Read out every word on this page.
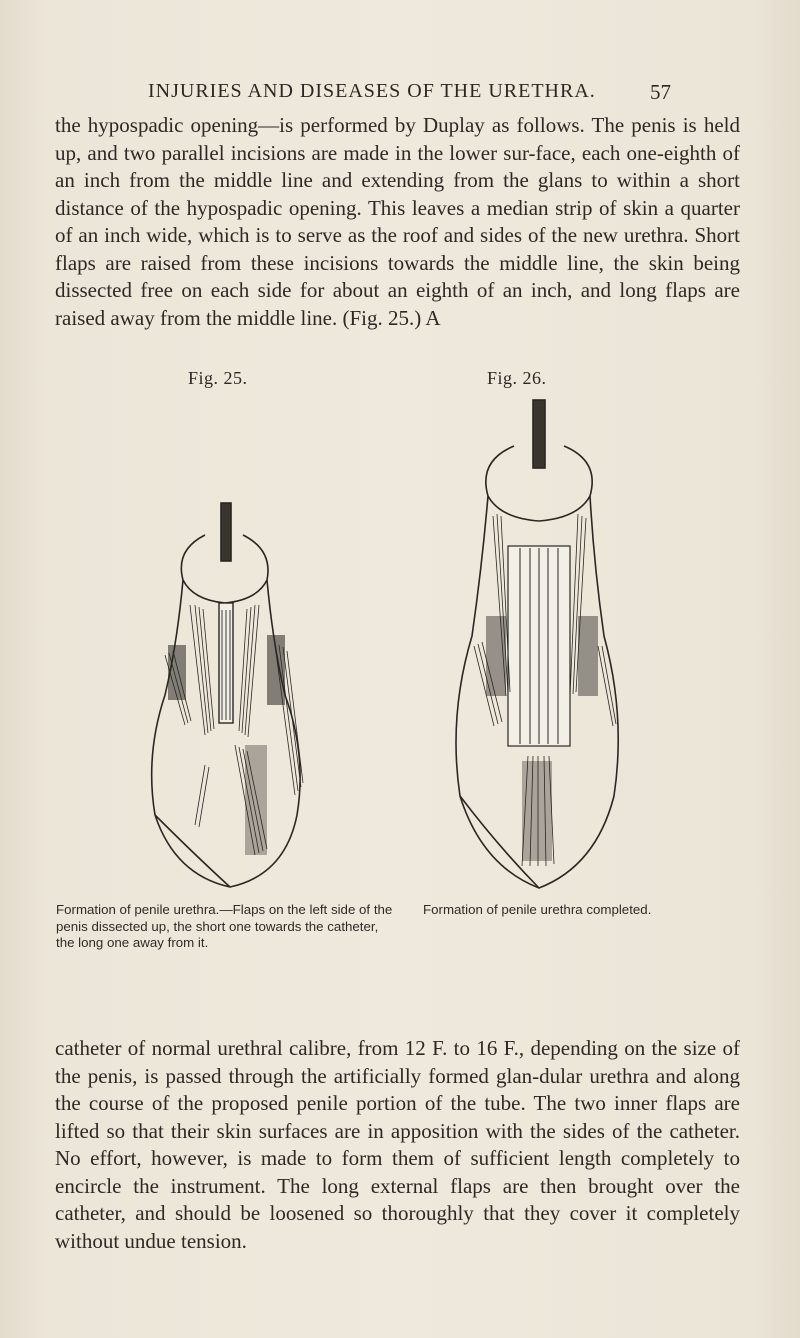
INJURIES AND DISEASES OF THE URETHRA.	57
the hypospadic opening—is performed by Duplay as follows. The penis is held up, and two parallel incisions are made in the lower sur-face, each one-eighth of an inch from the middle line and extending from the glans to within a short distance of the hypospadic opening. This leaves a median strip of skin a quarter of an inch wide, which is to serve as the roof and sides of the new urethra. Short flaps are raised from these incisions towards the middle line, the skin being dissected free on each side for about an eighth of an inch, and long flaps are raised away from the middle line. (Fig. 25.) A
Fig. 25.	Fig. 26.
Formation of penile urethra.—Flaps on the left side of the penis dissected up, the short one towards the catheter, the long one away from it.
Formation of penile urethra completed.
catheter of normal urethral calibre, from 12 F. to 16 F., depending on the size of the penis, is passed through the artificially formed glan-dular urethra and along the course of the proposed penile portion of the tube. The two inner flaps are lifted so that their skin surfaces are in apposition with the sides of the catheter. No effort, however, is made to form them of sufficient length completely to encircle the instrument. The long external flaps are then brought over the catheter, and should be loosened so thoroughly that they cover it completely without undue tension.
